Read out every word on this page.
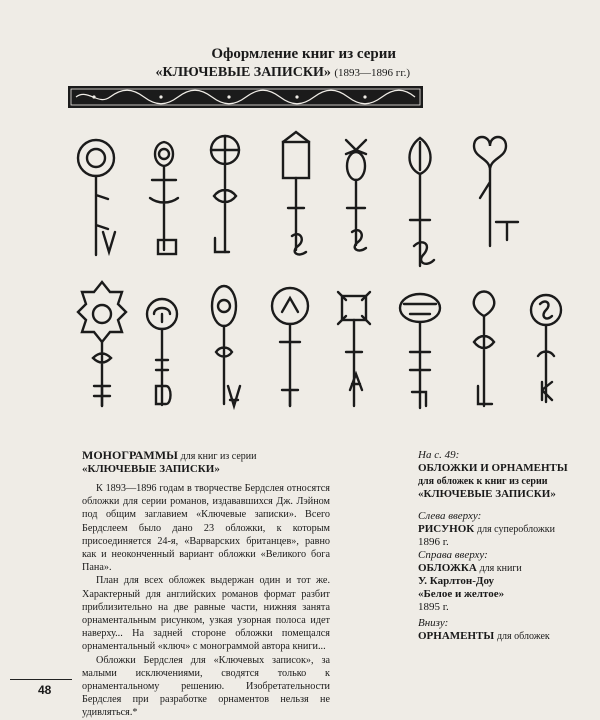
Оформление книг из серии
«КЛЮЧЕВЫЕ ЗАПИСКИ» (1893—1896 гг.)
МОНОГРАММЫ для книг из серии
«КЛЮЧЕВЫЕ ЗАПИСКИ»

К 1893—1896 годам в творчестве Бердслея относятся обложки для серии романов, издававшихся Дж. Лэйном под общим заглавием «Ключевые записки». Всего Бердслеем было дано 23 обложки, к которым присоединяется 24-я, «Варварских британцев», равно как и неоконченный вариант обложки «Великого бога Пана».

План для всех обложек выдержан один и тот же. Характерный для английских романов формат разбит приблизительно на две равные части, нижняя занята орнаментальным рисунком, узкая узорная полоса идет наверху... На задней стороне обложки помещался орнаментальный «ключ» с монограммой автора книги...

Обложки Бердслея для «Ключевых записок», за малыми исключениями, сводятся только к орнаментальному решению. Изобретательности Бердслея при разработке орнаментов нельзя не удивляться.*

На с. 49:
ОБЛОЖКИ И ОРНАМЕНТЫ
для обложек к книг из серии
«КЛЮЧЕВЫЕ ЗАПИСКИ»
Слева вверху:
РИСУНОК для суперобложки
1896 г.
Справа вверху:
ОБЛОЖКА для книги
У. Карлтон-Доу
«Белое и желтое»
1895 г.
Внизу:
ОРНАМЕНТЫ для обложек
48
